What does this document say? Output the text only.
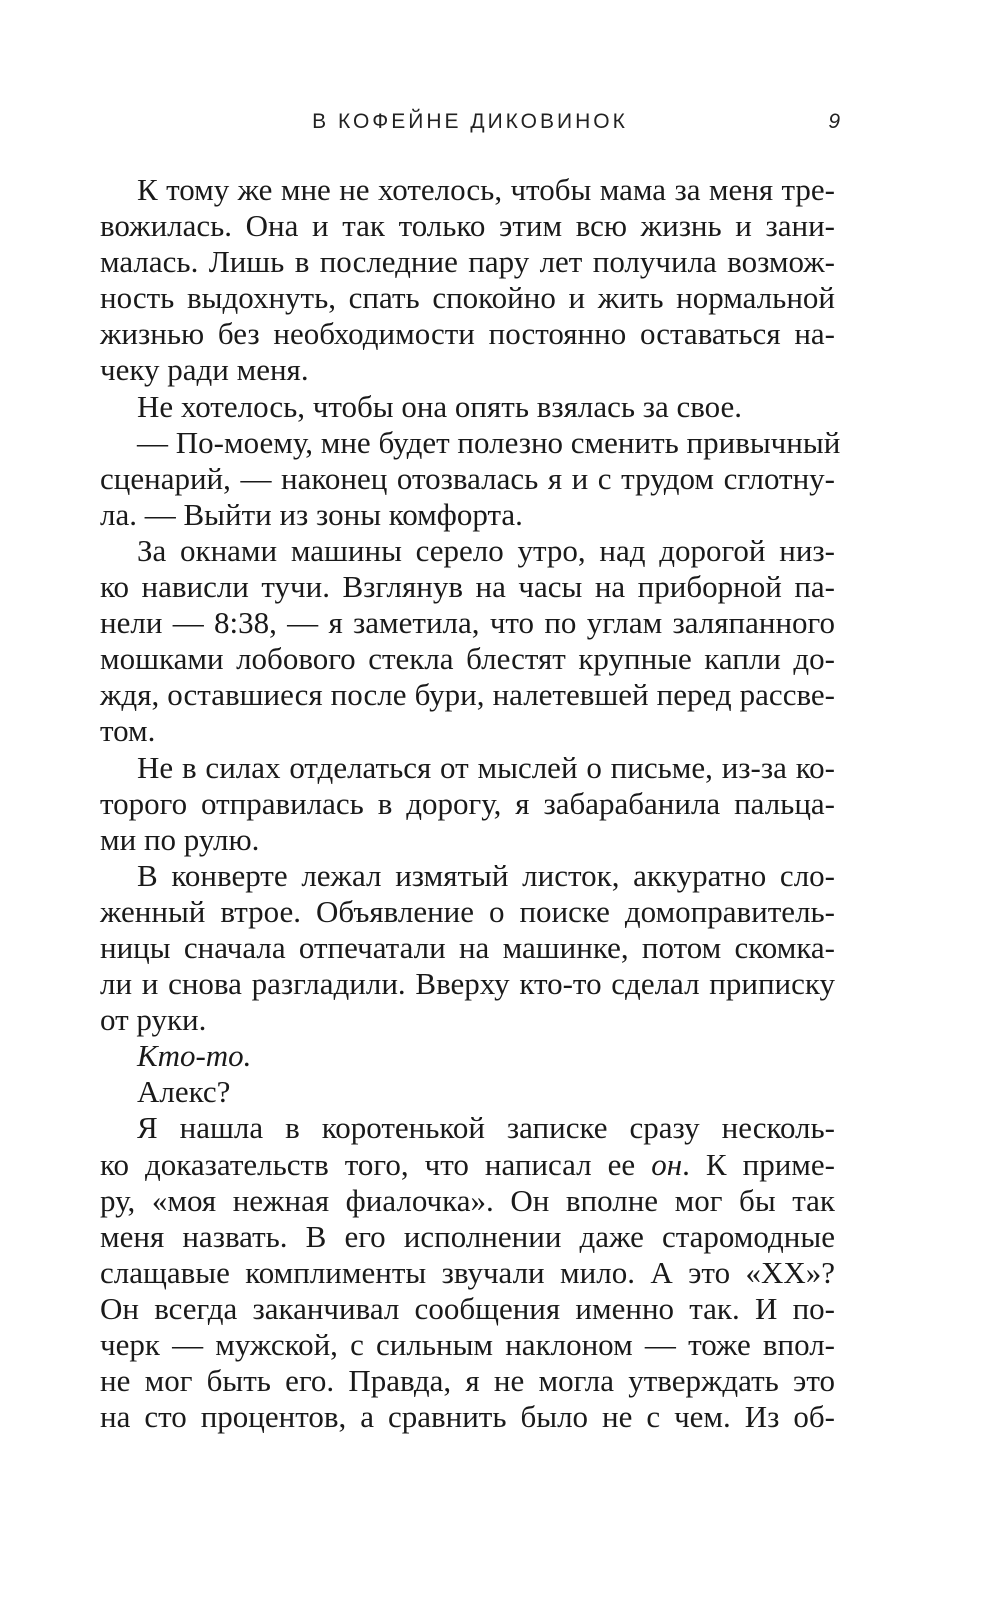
В КОФЕЙНЕ ДИКОВИНОК	9
К тому же мне не хотелось, чтобы мама за меня тре-
вожилась. Она и так только этим всю жизнь и зани-
малась. Лишь в последние пару лет получила возмож-
ность выдохнуть, спать спокойно и жить нормальной
жизнью без необходимости постоянно оставаться на-
чеку ради меня.
Не хотелось, чтобы она опять взялась за свое.
— По-моему, мне будет полезно сменить привычный
сценарий, — наконец отозвалась я и с трудом сглотну-
ла. — Выйти из зоны комфорта.
За окнами машины серело утро, над дорогой низ-
ко нависли тучи. Взглянув на часы на приборной па-
нели — 8:38, — я заметила, что по углам заляпанного
мошками лобового стекла блестят крупные капли до-
ждя, оставшиеся после бури, налетевшей перед рассве-
том.
Не в силах отделаться от мыслей о письме, из-за ко-
торого отправилась в дорогу, я забарабанила пальца-
ми по рулю.
В конверте лежал измятый листок, аккуратно сло-
женный втрое. Объявление о поиске домоправитель-
ницы сначала отпечатали на машинке, потом скомка-
ли и снова разгладили. Вверху кто-то сделал приписку
от руки.
Кто-то.
Алекс?
Я нашла в коротенькой записке сразу несколь-
ко доказательств того, что написал ее он. К приме-
ру, «моя нежная фиалочка». Он вполне мог бы так
меня назвать. В его исполнении даже старомодные
слащавые комплименты звучали мило. А это «XX»?
Он всегда заканчивал сообщения именно так. И по-
черк — мужской, с сильным наклоном — тоже впол-
не мог быть его. Правда, я не могла утверждать это
на сто процентов, а сравнить было не с чем. Из об-
